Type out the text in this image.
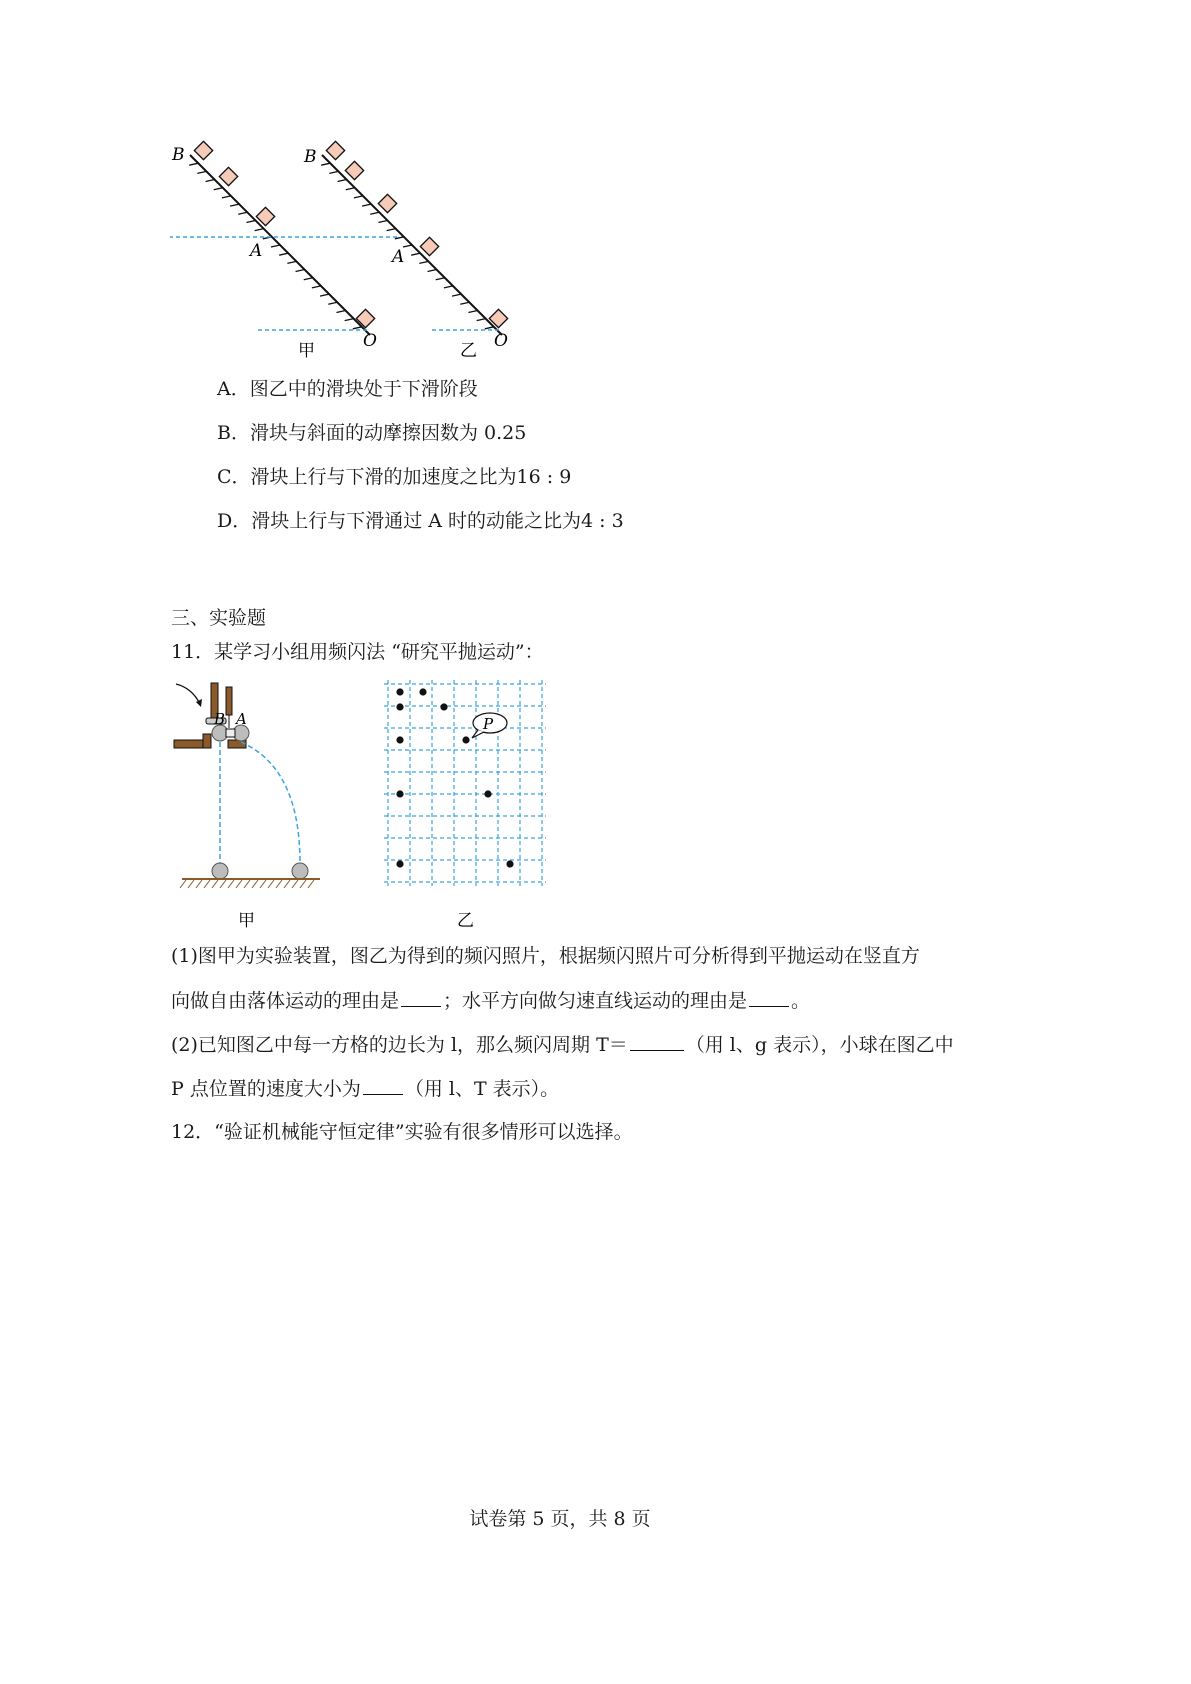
B
A
O
甲
B
A
O
乙
A．图乙中的滑块处于下滑阶段
B．滑块与斜面的动摩擦因数为 0.25
C．滑块上行与下滑的加速度之比为16 : 9
D．滑块上行与下滑通过 A 时的动能之比为4 : 3
三、实验题
11．某学习小组用频闪法 “研究平抛运动”：
B A
甲
P
乙
(1)图甲为实验装置，图乙为得到的频闪照片，根据频闪照片可分析得到平抛运动在竖直方
向做自由落体运动的理由是 ；水平方向做匀速直线运动的理由是 。
(2)已知图乙中每一方格的边长为 l，那么频闪周期 T＝	（用 l、g 表示），小球在图乙中
P 点位置的速度大小为 （用 l、T 表示）。
12．“验证机械能守恒定律”实验有很多情形可以选择。
试卷第 5 页，共 8 页
